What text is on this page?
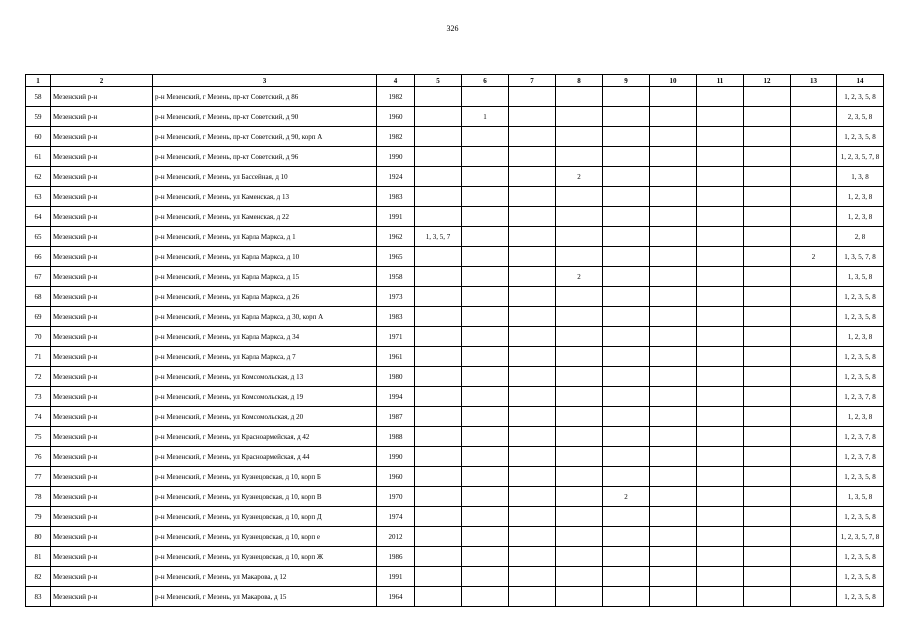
326
1	2	3	4	5	6	7	8	9	10	11	12	13	14
58	Мезенский р-н	р-н Мезенский, г Мезень, пр-кт Советский, д 86	1982										1, 2, 3, 5, 8
59	Мезенский р-н	р-н Мезенский, г Мезень, пр-кт Советский, д 90	1960		1								2, 3, 5, 8
60	Мезенский р-н	р-н Мезенский, г Мезень, пр-кт Советский, д 90, корп А	1982										1, 2, 3, 5, 8
61	Мезенский р-н	р-н Мезенский, г Мезень, пр-кт Советский, д 96	1990										1, 2, 3, 5, 7, 8
62	Мезенский р-н	р-н Мезенский, г Мезень, ул Бассейная, д 10	1924				2						1, 3, 8
63	Мезенский р-н	р-н Мезенский, г Мезень, ул Каменская, д 13	1983										1, 2, 3, 8
64	Мезенский р-н	р-н Мезенский, г Мезень, ул Каменская, д 22	1991										1, 2, 3, 8
65	Мезенский р-н	р-н Мезенский, г Мезень, ул Карла Маркса, д 1	1962	1, 3, 5, 7									2, 8
66	Мезенский р-н	р-н Мезенский, г Мезень, ул Карла Маркса, д 10	1965									2	1, 3, 5, 7, 8
67	Мезенский р-н	р-н Мезенский, г Мезень, ул Карла Маркса, д 15	1958				2						1, 3, 5, 8
68	Мезенский р-н	р-н Мезенский, г Мезень, ул Карла Маркса, д 26	1973										1, 2, 3, 5, 8
69	Мезенский р-н	р-н Мезенский, г Мезень, ул Карла Маркса, д 30, корп А	1983										1, 2, 3, 5, 8
70	Мезенский р-н	р-н Мезенский, г Мезень, ул Карла Маркса, д 34	1971										1, 2, 3, 8
71	Мезенский р-н	р-н Мезенский, г Мезень, ул Карла Маркса, д 7	1961										1, 2, 3, 5, 8
72	Мезенский р-н	р-н Мезенский, г Мезень, ул Комсомольская, д 13	1980										1, 2, 3, 5, 8
73	Мезенский р-н	р-н Мезенский, г Мезень, ул Комсомольская, д 19	1994										1, 2, 3, 7, 8
74	Мезенский р-н	р-н Мезенский, г Мезень, ул Комсомольская, д 20	1987										1, 2, 3, 8
75	Мезенский р-н	р-н Мезенский, г Мезень, ул Красноармейская, д 42	1988										1, 2, 3, 7, 8
76	Мезенский р-н	р-н Мезенский, г Мезень, ул Красноармейская, д 44	1990										1, 2, 3, 7, 8
77	Мезенский р-н	р-н Мезенский, г Мезень, ул Кузнецовская, д 10, корп Б	1960										1, 2, 3, 5, 8
78	Мезенский р-н	р-н Мезенский, г Мезень, ул Кузнецовская, д 10, корп В	1970					2					1, 3, 5, 8
79	Мезенский р-н	р-н Мезенский, г Мезень, ул Кузнецовская, д 10, корп Д	1974										1, 2, 3, 5, 8
80	Мезенский р-н	р-н Мезенский, г Мезень, ул Кузнецовская, д 10, корп е	2012										1, 2, 3, 5, 7, 8
81	Мезенский р-н	р-н Мезенский, г Мезень, ул Кузнецовская, д 10, корп Ж	1986										1, 2, 3, 5, 8
82	Мезенский р-н	р-н Мезенский, г Мезень, ул Макарова, д 12	1991										1, 2, 3, 5, 8
83	Мезенский р-н	р-н Мезенский, г Мезень, ул Макарова, д 15	1964										1, 2, 3, 5, 8
